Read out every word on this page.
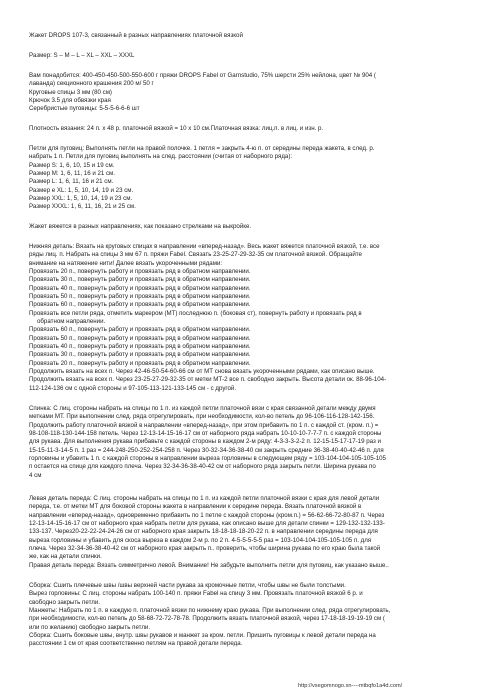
Жакет DROPS 107-3, связанный в разных направлениях платочной вязкой
Размер: S – M – L – XL – XXL – XXXL
Вам понадобится: 400-450-450-500-550-600 г пряжи DROPS Fabel от Garnstudio, 75% шерсти 25% нейлона, цвет № 904 (
лаванда) секционного крашения 200 м/ 50 г
Круговые спицы 3 мм (80 см)
Крючок 3.5 для обвязки края
Серебристые пуговицы: 5-5-5-6-6-6 шт
Плотность вязания: 24 п. х 48 р. платочной вязкой = 10 х 10 см.Платочная вязка: лиц.п. в лиц. и изн. р.
Петли для пуговиц: Выполнять петли на правой полочке. 1 петля = закрыть 4-ю п. от середины переда жакета, в след. р.
набрать 1 п. Петли для пуговиц выполнять на след. расстоянии (считая от наборного ряда):
Размер S: 1, 6, 10, 15 и 19 см.
Размер M: 1, 6, 11, 16 и 21 см.
Размер L: 1, 6, 11, 16 и 21 см.
Размер е XL: 1, 5, 10, 14, 19 и 23 см.
Размер XXL: 1, 5, 10, 14, 19 и 23 см.
Размер XXXL: 1, 6, 11, 16, 21 и 25 см.
Жакет вяжется в разных направлениях, как показано стрелками на выкройке.
Нижняя деталь: Вязать на круговых спицах в направлении «вперед-назад». Весь жакет вяжется платочной вязкой, т.е. все
ряды лиц. п. Набрать на спицы 3 мм 67 п. пряжи Fabel. Связать 23-25-27-29-32-35 см платочной вязкой. Обращайте
внимание на натяжение нити! Далее вязать укороченными рядами:
Провязать 20 п., повернуть работу и провязать ряд в обратном направлении.
Провязать 30 п., повернуть работу и провязать ряд в обратном направлении.
Провязать 40 п., повернуть работу и провязать ряд в обратном направлении.
Провязать 50 п., повернуть работу и провязать ряд в обратном направлении.
Провязать 60 п., повернуть работу и провязать ряд в обратном направлении.
Провязать все петли ряда, отметить маркером (МТ) последнюю п. (боковая ст), повернуть работу и провязать ряд в
обратном направлении.
Провязать 60 п., повернуть работу и провязать ряд в обратном направлении.
Провязать 50 п., повернуть работу и провязать ряд в обратном направлении.
Провязать 40 п., повернуть работу и провязать ряд в обратном направлении.
Провязать 30 п., повернуть работу и провязать ряд в обратном направлении.
Провязать 20 п., повернуть работу и провязать ряд в обратном направлении.
Продолжить вязать на всех п. Через 42-46-50-54-60-66 см от МТ снова вязать укороченными рядами, как описано выше.
Продолжить вязать на всех п. Через 23-25-27-29-32-35 от метки МТ-2 все п. свободно закрыть. Высота детали ок. 88-96-104-
112-124-136 см с одной стороны и 97-105-113-121-133-145 см - с другой.
Спинка: С лиц. стороны набрать на спицы по 1 п. из каждой петли платочной вязи с края связанной детали между двумя
метками МТ. При выполнении след. ряда отрегулировать, при необходимости, кол-во петель до 96-106-116-128-142-156.
Продолжить работу платочной вязкой в направлении «вперед-назад», при этом прибавить по 1 п. с каждой ст. (кром. п.) =
98-108-118-130-144-158 петель. Через 12-13-14-15-16-17 см от наборного ряда набрать 10-10-10-7-7-7 п. с каждой стороны
для рукава. Для выполнения рукава прибавьте с каждой стороны в каждом 2-м ряду: 4-3-3-3-2-2 п. 12-15-15-17-17-19 раз и
15-15-11-3-14-5 п. 1 раз = 244-248-250-252-254-258 п. Через 30-32-34-36-38-40 см закрыть средние 36-38-40-40-42-46 п. для
горловины и убавить 1 п. с каждой стороны в направлении выреза горловины в следующем ряду = 103-104-104-105-105-105
п остается на спице для каждого плеча. Через 32-34-36-38-40-42 см от наборного ряда закрыть петли. Ширина рукава по
4 см
Левая деталь переда: С лиц. стороны набрать на спицы по 1 п. из каждой петли платочной вязки с края для левой детали
переда, т.е. от метки МТ для боковой стороны жакета в направлении к середине переда. Вязать платочной вязкой в
направлении «вперед-назад», одновременно прибавить по 1 петле с каждой стороны (кром.п.) = 56-62-66-72-80-87 п. Через
12-13-14-15-16-17 см от наборного края набрать петли для рукава, как описано выше для детали спинки = 129-132-132-133-
133-137. Через20-22-22-24-24-26 см от наборного края закрыть 18-18-18-18-20-22 п. в направлении середины переда для
выреза горловины и убавить для скоса выреза в каждом 2-м р. по 2 п. 4-5-5-5-5-5 раз = 103-104-104-105-105-105 п. для
плеча. Через 32-34-36-38-40-42 см от наборного края закрыть п.. проверить, чтобы ширина рукава по его краю была такой
же, как на детали спинки.
Правая деталь переда: Вязать симметрично левой. Внимание! Не забудьте выполнить петли для пуговиц, как указано выше..
Сборка: Сшить плечевые швы /швы верхней части рукава за кромочные петли, чтобы швы не были толстыми.
Вырез горловины: С лиц. стороны набрать 100-140 п. пряжи Fabel на спицу 3 мм. Провязать платочной вязкой 6 р. и
свободно закрыть петли.
Манжеты: Набрать по 1 п. в каждую п. платочной вязки по нижнему краю рукава. При выполнении след. ряда отрегулировать,
при необходимости, кол-во петель до 58-68-72-72-78-78. Продолжить вязать платочной вязкой, через 17-18-18-19-19-19 см (
или по желанию) свободно закрыть петли.
Сборка: Сшить боковые швы, внутр. швы рукавов и манжет за кром. петли. Пришить пуговицы к левой детали переда на
расстоянии 1 см от края соответственно петлям на правой детали переда.
http://vsegomnogo.xn----mtbqfo1a4d.com/
